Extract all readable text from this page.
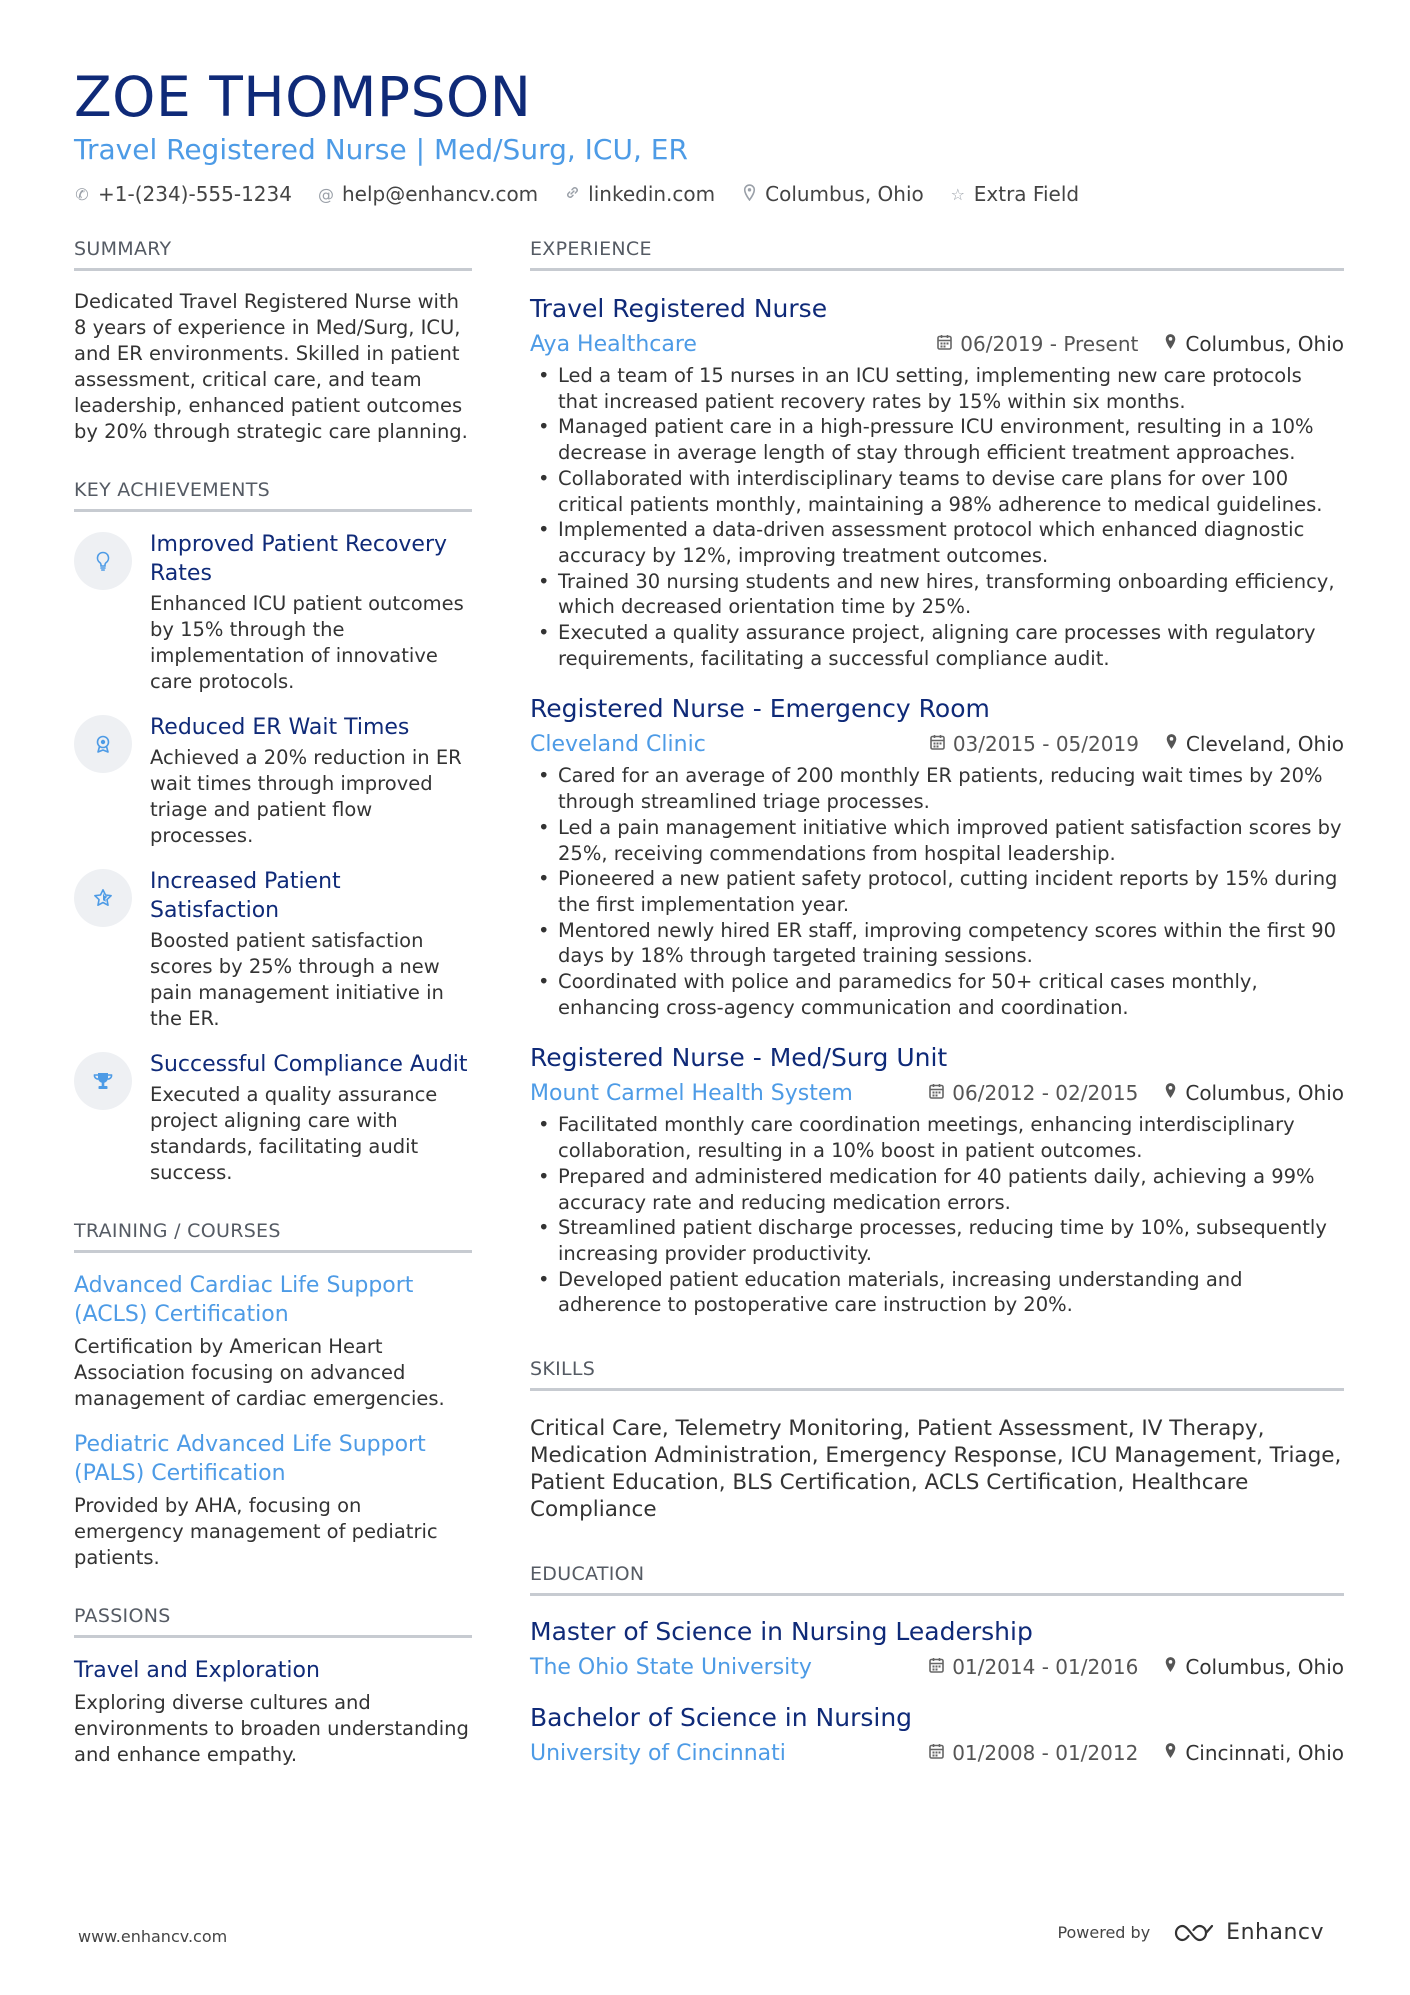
ZOE THOMPSON
Travel Registered Nurse | Med/Surg, ICU, ER
✆ +1-(234)-555-1234 @ help@enhancv.com	linkedin.com	Columbus, Ohio ☆ Extra Field
SUMMARY
Dedicated Travel Registered Nurse with 8 years of experience in Med/Surg, ICU, and ER environments. Skilled in patient assessment, critical care, and team leadership, enhanced patient outcomes by 20% through strategic care planning.
KEY ACHIEVEMENTS
Improved Patient Recovery Rates
Enhanced ICU patient outcomes by 15% through the implementation of innovative care protocols.
Reduced ER Wait Times
Achieved a 20% reduction in ER wait times through improved triage and patient flow processes.
Increased Patient Satisfaction
Boosted patient satisfaction scores by 25% through a new pain management initiative in the ER.
Successful Compliance Audit
Executed a quality assurance project aligning care with standards, facilitating audit success.
TRAINING / COURSES
Advanced Cardiac Life Support (ACLS) Certification
Certification by American Heart Association focusing on advanced management of cardiac emergencies.
Pediatric Advanced Life Support (PALS) Certification
Provided by AHA, focusing on emergency management of pediatric patients.
PASSIONS
Travel and Exploration
Exploring diverse cultures and environments to broaden understanding and enhance empathy.
EXPERIENCE
Travel Registered Nurse
Aya Healthcare	06/2019 - Present Columbus, Ohio
• Led a team of 15 nurses in an ICU setting, implementing new care protocols that increased patient recovery rates by 15% within six months.
• Managed patient care in a high-pressure ICU environment, resulting in a 10% decrease in average length of stay through efficient treatment approaches.
• Collaborated with interdisciplinary teams to devise care plans for over 100 critical patients monthly, maintaining a 98% adherence to medical guidelines.
• Implemented a data-driven assessment protocol which enhanced diagnostic accuracy by 12%, improving treatment outcomes.
• Trained 30 nursing students and new hires, transforming onboarding efficiency, which decreased orientation time by 25%.
• Executed a quality assurance project, aligning care processes with regulatory requirements, facilitating a successful compliance audit.
Registered Nurse - Emergency Room
Cleveland Clinic	03/2015 - 05/2019 Cleveland, Ohio
• Cared for an average of 200 monthly ER patients, reducing wait times by 20% through streamlined triage processes.
• Led a pain management initiative which improved patient satisfaction scores by 25%, receiving commendations from hospital leadership.
• Pioneered a new patient safety protocol, cutting incident reports by 15% during the first implementation year.
• Mentored newly hired ER staff, improving competency scores within the first 90 days by 18% through targeted training sessions.
• Coordinated with police and paramedics for 50+ critical cases monthly, enhancing cross-agency communication and coordination.
Registered Nurse - Med/Surg Unit
Mount Carmel Health System	06/2012 - 02/2015 Columbus, Ohio
• Facilitated monthly care coordination meetings, enhancing interdisciplinary collaboration, resulting in a 10% boost in patient outcomes.
• Prepared and administered medication for 40 patients daily, achieving a 99% accuracy rate and reducing medication errors.
• Streamlined patient discharge processes, reducing time by 10%, subsequently increasing provider productivity.
• Developed patient education materials, increasing understanding and adherence to postoperative care instruction by 20%.
SKILLS
Critical Care, Telemetry Monitoring, Patient Assessment, IV Therapy, Medication Administration, Emergency Response, ICU Management, Triage, Patient Education, BLS Certification, ACLS Certification, Healthcare Compliance
EDUCATION
Master of Science in Nursing Leadership
The Ohio State University	01/2014 - 01/2016 Columbus, Ohio
Bachelor of Science in Nursing
University of Cincinnati	01/2008 - 01/2012 Cincinnati, Ohio
www.enhancv.com	Powered by	Enhancv
